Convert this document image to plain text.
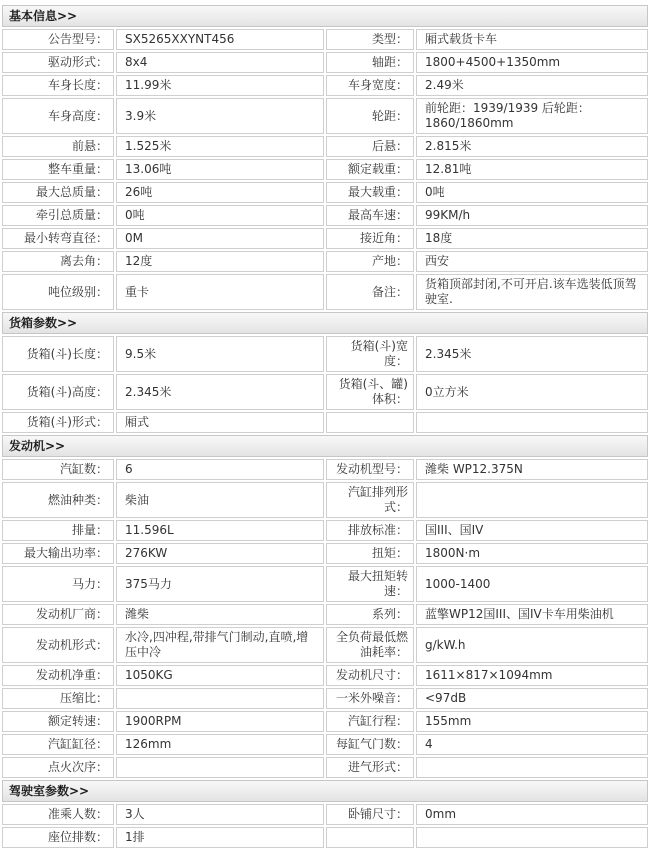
基本信息>>			
公告型号：	SX5265XXYNT456	类型：	厢式载货卡车
驱动形式：	8x4	轴距：	1800+4500+1350mm
车身长度：	11.99米	车身宽度：	2.49米
车身高度：	3.9米	轮距：	前轮距：1939/1939 后轮距：1860/1860mm
前悬：	1.525米	后悬：	2.815米
整车重量：	13.06吨	额定载重：	12.81吨
最大总质量：	26吨	最大载重：	0吨
牵引总质量：	0吨	最高车速：	99KM/h
最小转弯直径：	0M	接近角：	18度
离去角：	12度	产地：	西安
吨位级别：	重卡	备注：	货箱顶部封闭,不可开启.该车选装低顶驾驶室.
货箱参数>>			
货箱(斗)长度：	9.5米	货箱(斗)宽度：	2.345米
货箱(斗)高度：	2.345米	货箱(斗、罐)体积：	0立方米
货箱(斗)形式：	厢式		
发动机>>			
汽缸数：	6	发动机型号：	潍柴 WP12.375N
燃油种类：	柴油	汽缸排列形式：	
排量：	11.596L	排放标准：	国III、国IV
最大输出功率：	276KW	扭矩：	1800N·m
马力：	375马力	最大扭矩转速：	1000-1400
发动机厂商：	潍柴	系列：	蓝擎WP12国III、国IV卡车用柴油机
发动机形式：	水冷,四冲程,带排气门制动,直喷,增压中冷	全负荷最低燃油耗率：	g/kW.h
发动机净重：	1050KG	发动机尺寸：	1611×817×1094mm
压缩比：		一米外噪音：	<97dB
额定转速：	1900RPM	汽缸行程：	155mm
汽缸缸径：	126mm	每缸气门数：	4
点火次序：		进气形式：	
驾驶室参数>>			
准乘人数：	3人	卧铺尺寸：	0mm
座位排数：	1排		
